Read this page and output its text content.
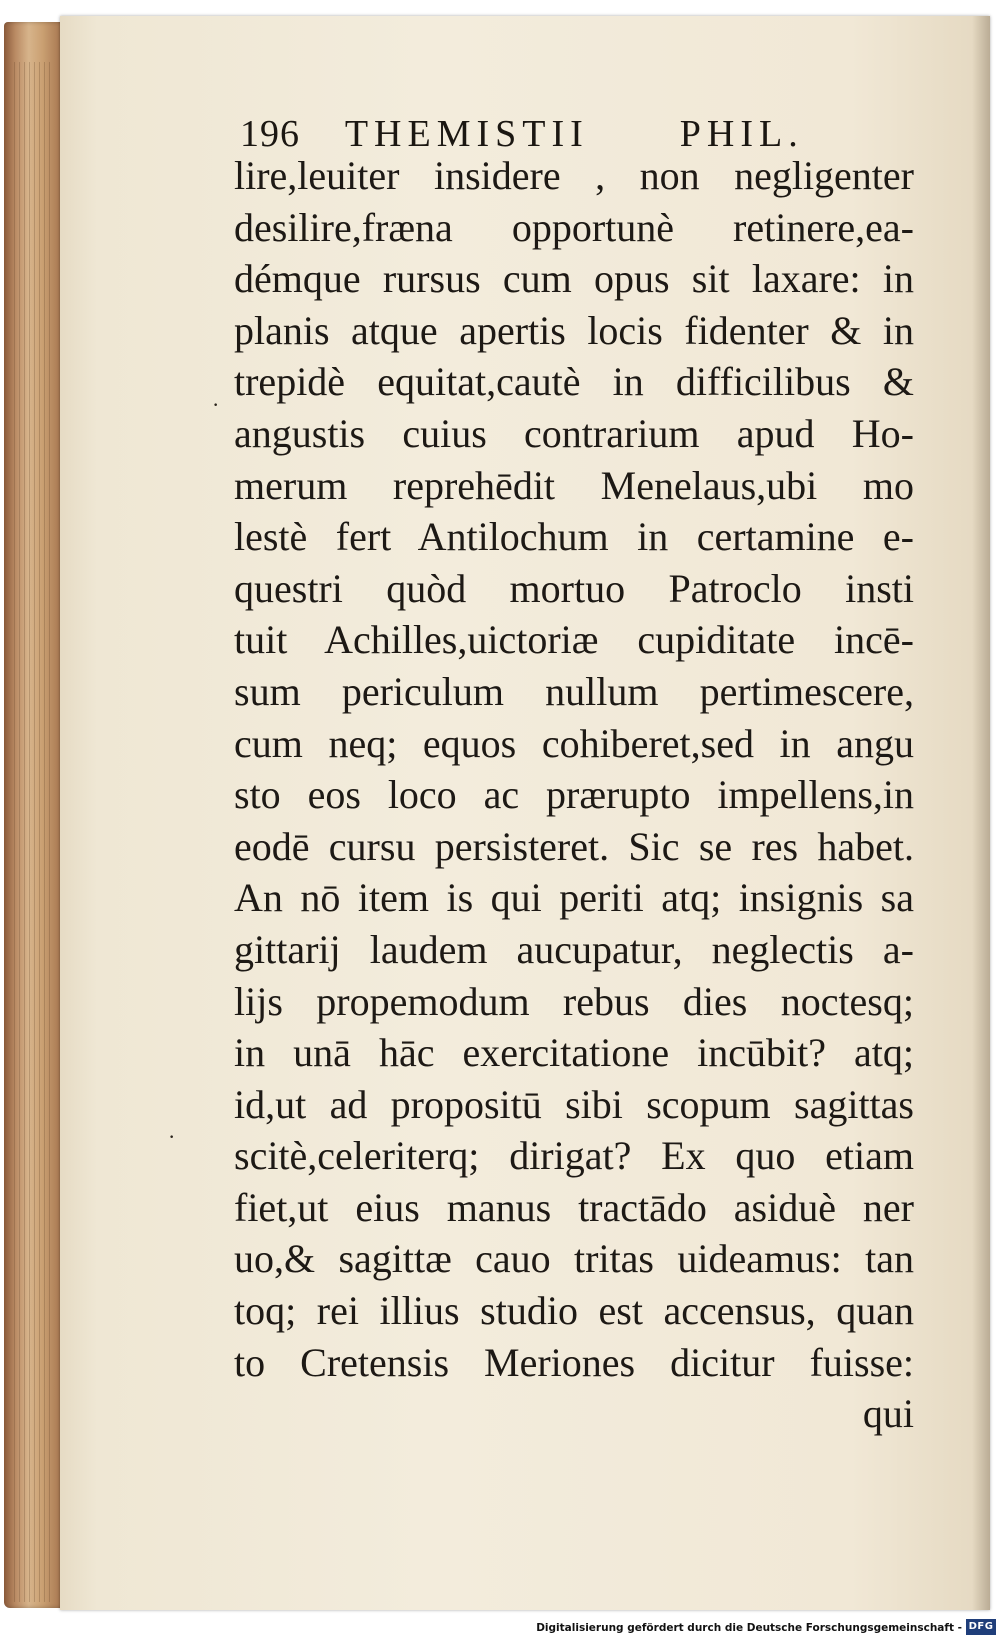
196 THEMISTII PHIL.
lire,leuiter insidere , non negligenter
desilire,fræna opportunè retinere,ea-
démque rursus cum opus sit laxare: in
planis atque apertis locis fidenter & in
trepidè equitat,cautè in difficilibus &
angustis cuius contrarium apud Ho-
merum reprehēdit Menelaus,ubi mo
lestè fert Antilochum in certamine e-
questri quòd mortuo Patroclo insti
tuit Achilles,uictoriæ cupiditate incē-
sum periculum nullum pertimescere,
cum neq; equos cohiberet,sed in angu
sto eos loco ac prærupto impellens,in
eodē cursu persisteret. Sic se res habet.
An nō item is qui periti atq; insignis sa
gittarij laudem aucupatur, neglectis a-
lijs propemodum rebus dies noctesq;
in unā hāc exercitatione incūbit? atq;
id,ut ad propositū sibi scopum sagittas
scitè,celeriterq; dirigat? Ex quo etiam
fiet,ut eius manus tractādo asiduè ner
uo,& sagittæ cauo tritas uideamus: tan
toq; rei illius studio est accensus, quan
to Cretensis Meriones dicitur fuisse:
qui
·
·
Digitalisierung gefördert durch die Deutsche Forschungsgemeinschaft - DFG
